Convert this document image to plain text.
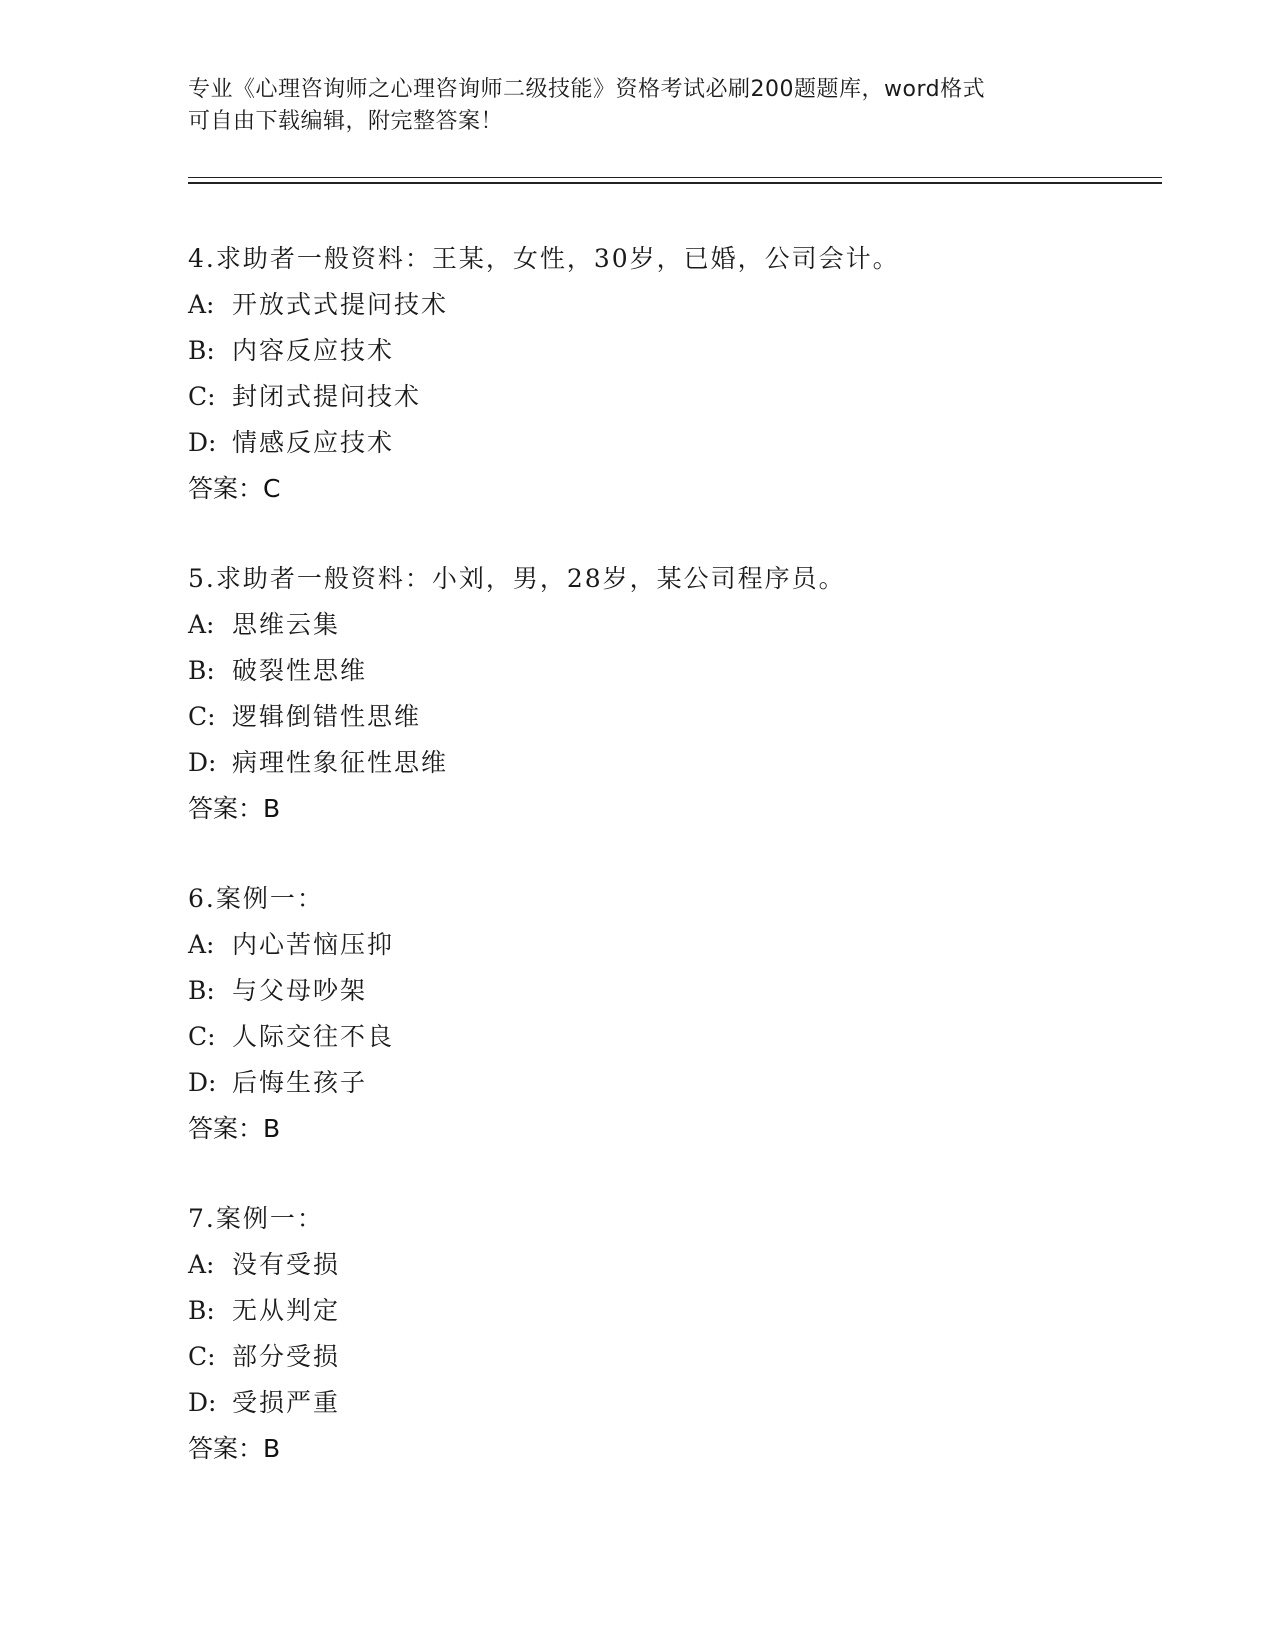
专业《心理咨询师之心理咨询师二级技能》资格考试必刷200题题库，word格式
可自由下载编辑，附完整答案！
4.求助者一般资料：王某，女性，30岁，已婚，公司会计。
A: 开放式式提问技术
B: 内容反应技术
C: 封闭式提问技术
D: 情感反应技术
答案：C
5.求助者一般资料：小刘，男，28岁，某公司程序员。
A: 思维云集
B: 破裂性思维
C: 逻辑倒错性思维
D: 病理性象征性思维
答案：B
6.案例一：
A: 内心苦恼压抑
B: 与父母吵架
C: 人际交往不良
D: 后悔生孩子
答案：B
7.案例一：
A: 没有受损
B: 无从判定
C: 部分受损
D: 受损严重
答案：B
